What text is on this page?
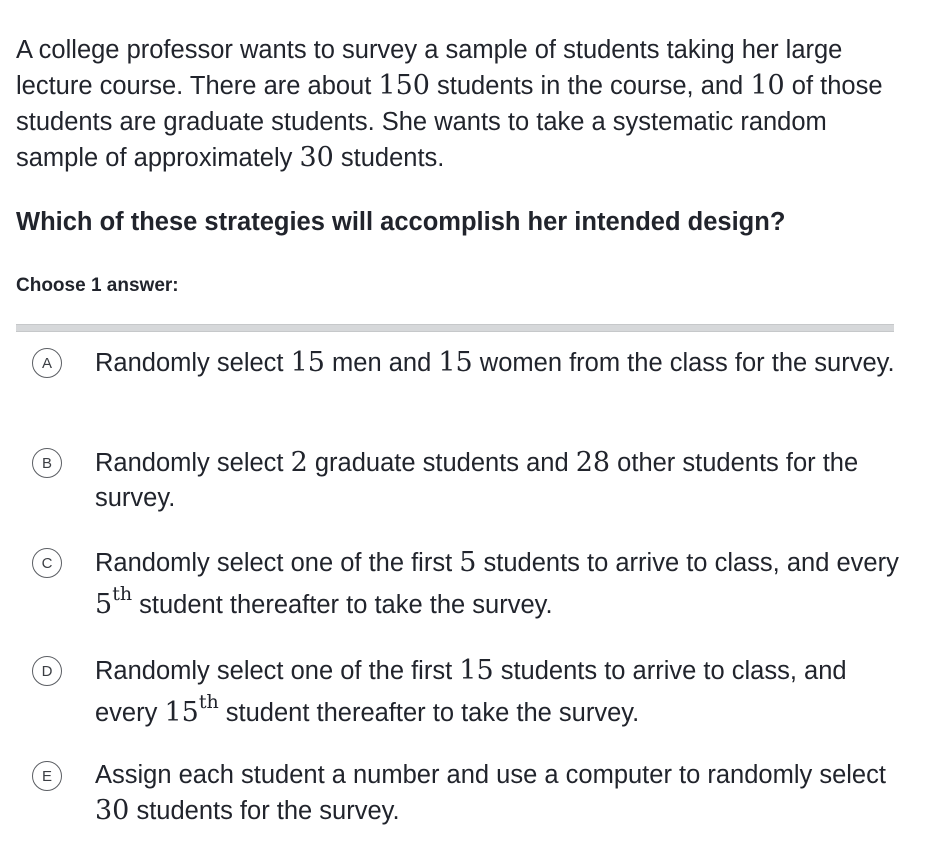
A college professor wants to survey a sample of students taking her large lecture course. There are about 150 students in the course, and 10 of those students are graduate students. She wants to take a systematic random sample of approximately 30 students.

Which of these strategies will accomplish her intended design?

Choose 1 answer:

A	Randomly select 15 men and 15 women from the class for the survey.
B	Randomly select 2 graduate students and 28 other students for the survey.
C	Randomly select one of the first 5 students to arrive to class, and every 5th student thereafter to take the survey.
D	Randomly select one of the first 15 students to arrive to class, and every 15th student thereafter to take the survey.
E	Assign each student a number and use a computer to randomly select 30 students for the survey.
